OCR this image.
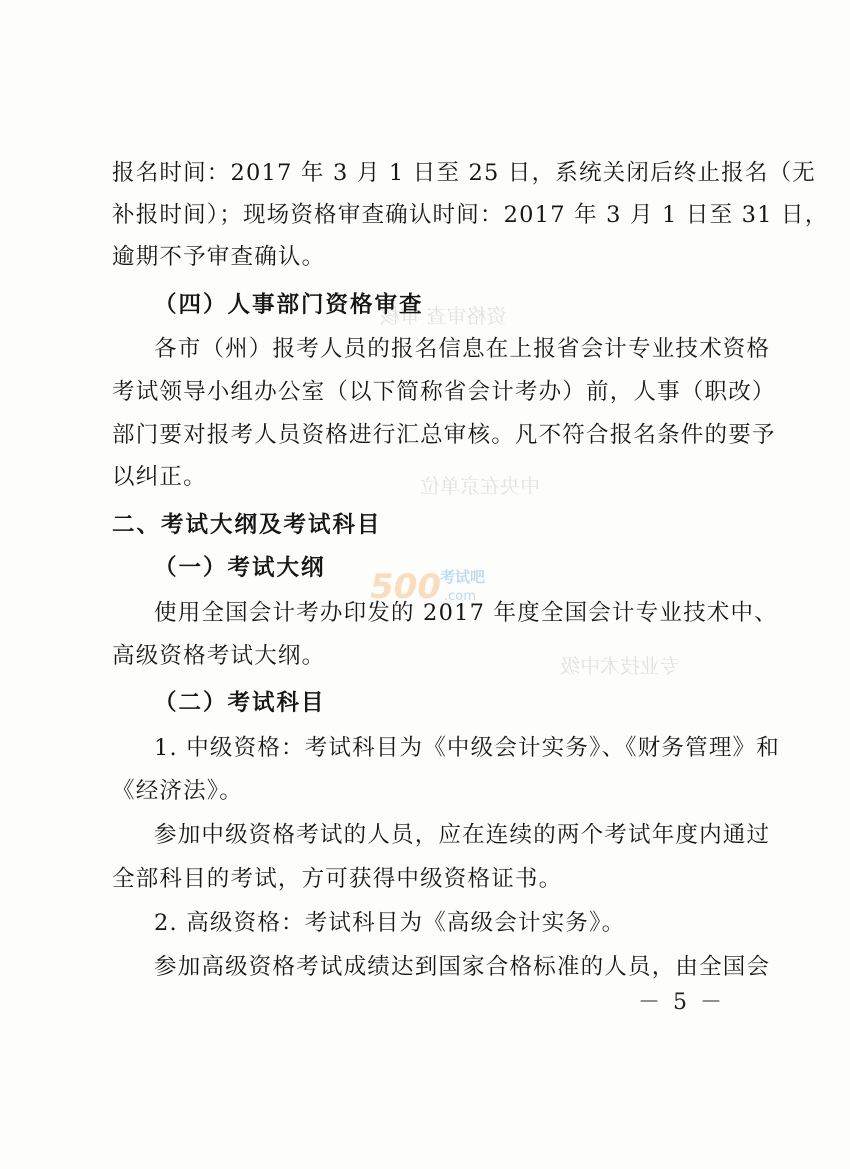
资格审查 审核
中央在京单位
专业技术中级
报名时间：2017 年 3 月 1 日至 25 日，系统关闭后终止报名（无
补报时间）；现场资格审查确认时间：2017 年 3 月 1 日至 31 日，
逾期不予审查确认。
（四）人事部门资格审查
各市（州）报考人员的报名信息在上报省会计专业技术资格
考试领导小组办公室（以下简称省会计考办）前，人事（职改）
部门要对报考人员资格进行汇总审核。凡不符合报名条件的要予
以纠正。
二、考试大纲及考试科目
（一）考试大纲	500 考试吧
.com
使用全国会计考办印发的 2017 年度全国会计专业技术中、
高级资格考试大纲。
（二）考试科目
1. 中级资格：考试科目为《中级会计实务》、《财务管理》和
《经济法》。
参加中级资格考试的人员，应在连续的两个考试年度内通过
全部科目的考试，方可获得中级资格证书。
2. 高级资格：考试科目为《高级会计实务》。
参加高级资格考试成绩达到国家合格标准的人员，由全国会
－ 5 －
